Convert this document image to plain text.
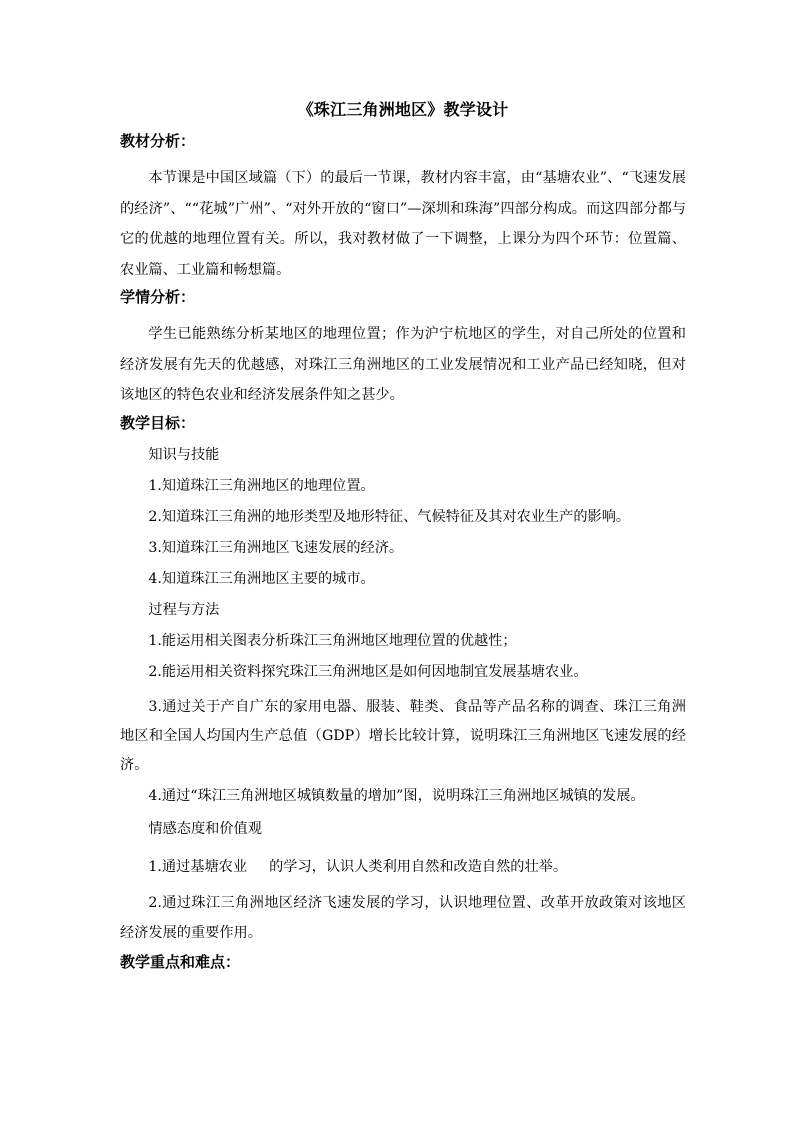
《珠江三角洲地区》教学设计
教材分析：
本节课是中国区域篇（下）的最后一节课，教材内容丰富，由“基塘农业”、“飞速发展的经济”、““花城”广州”、“对外开放的“窗口”—深圳和珠海”四部分构成。而这四部分都与它的优越的地理位置有关。所以，我对教材做了一下调整，上课分为四个环节：位置篇、农业篇、工业篇和畅想篇。
学情分析：
学生已能熟练分析某地区的地理位置；作为沪宁杭地区的学生，对自己所处的位置和经济发展有先天的优越感，对珠江三角洲地区的工业发展情况和工业产品已经知晓，但对该地区的特色农业和经济发展条件知之甚少。
教学目标：
知识与技能
1.知道珠江三角洲地区的地理位置。
2.知道珠江三角洲的地形类型及地形特征、气候特征及其对农业生产的影响。
3.知道珠江三角洲地区飞速发展的经济。
4.知道珠江三角洲地区主要的城市。
过程与方法
1.能运用相关图表分析珠江三角洲地区地理位置的优越性；
2.能运用相关资料探究珠江三角洲地区是如何因地制宜发展基塘农业。
3.通过关于产自广东的家用电器、服装、鞋类、食品等产品名称的调查、珠江三角洲地区和全国人均国内生产总值（GDP）增长比较计算，说明珠江三角洲地区飞速发展的经济。
4.通过“珠江三角洲地区城镇数量的增加”图，说明珠江三角洲地区城镇的发展。
情感态度和价值观
1.通过基塘农业 的学习，认识人类利用自然和改造自然的壮举。
2.通过珠江三角洲地区经济飞速发展的学习，认识地理位置、改革开放政策对该地区经济发展的重要作用。
教学重点和难点：
